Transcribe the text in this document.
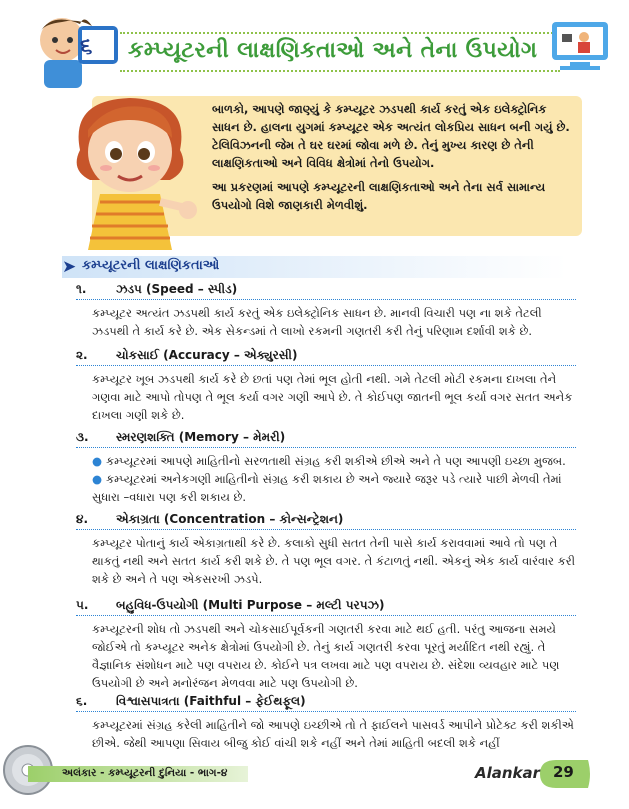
૬ કમ્પ્યૂટરની લાક્ષણિકતાઓ અને તેના ઉપયોગ

બાળકો, આપણે જાણ્યું કે કમ્પ્યૂટર ઝડપથી કાર્ય કરતું એક ઇલેક્ટ્રોનિક સાધન છે. હાલના યુગમાં કમ્પ્યૂટર એક અત્યંત લોકપ્રિય સાધન બની ગયું છે. ટેલિવિઝનની જેમ તે ઘર ઘરમાં જોવા મળે છે. તેનું મુખ્ય કારણ છે તેની લાક્ષણિકતાઓ અને વિવિધ ક્ષેત્રોમાં તેનો ઉપયોગ.

આ પ્રકરણમાં આપણે કમ્પ્યૂટરની લાક્ષણિકતાઓ અને તેના સર્વ સામાન્ય ઉપયોગો વિશે જાણકારી મેળવીશું.

➤ કમ્પ્યૂટરની લાક્ષણિકતાઓ
૧. ઝડપ (Speed – સ્પીડ)
કમ્પ્યૂટર અત્યંત ઝડપથી કાર્ય કરતું એક ઇલેક્ટ્રોનિક સાધન છે. માનવી વિચારી પણ ના શકે તેટલી ઝડપથી તે કાર્ય કરે છે. એક સેકન્ડમાં તે લાખો રકમની ગણતરી કરી તેનું પરિણામ દર્શાવી શકે છે.
૨. ચોકસાઈ (Accuracy – એક્યુરસી)
કમ્પ્યૂટર ખૂબ ઝડપથી કાર્ય કરે છે છતાં પણ તેમાં ભૂલ હોતી નથી. ગમે તેટલી મોટી રકમના દાખલા તેને ગણવા માટે આપો તોપણ તે ભૂલ કર્યા વગર ગણી આપે છે. તે કોઈપણ જાતની ભૂલ કર્યા વગર સતત અનેક દાખલા ગણી શકે છે.
૩. સ્મરણશક્તિ (Memory – મેમરી)
● કમ્પ્યૂટરમાં આપણે માહિતીનો સરળતાથી સંગ્રહ કરી શકીએ છીએ અને તે પણ આપણી ઇચ્છા મુજબ.
● કમ્પ્યૂટરમાં અનેકગણી માહિતીનો સંગ્રહ કરી શકાય છે અને જ્યારે જરૂર પડે ત્યારે પાછી મેળવી તેમાં સુધારા –વધારા પણ કરી શકાય છે.
૪. એકાગ્રતા (Concentration – કોન્સન્ટ્રેશન)
કમ્પ્યૂટર પોતાનું કાર્ય એકાગ્રતાથી કરે છે. કલાકો સુધી સતત તેની પાસે કાર્ય કરાવવામાં આવે તો પણ તે થાકતું નથી અને સતત કાર્ય કરી શકે છે. તે પણ ભૂલ વગર. તે કંટાળતું નથી. એકનું એક કાર્ય વારંવાર કરી શકે છે અને તે પણ એકસરખી ઝડપે.
૫. બહુવિધ-ઉપયોગી (Multi Purpose – મલ્ટી પરપઝ)
કમ્પ્યૂટરની શોધ તો ઝડપથી અને ચોકસાઈપૂર્વકની ગણતરી કરવા માટે થઈ હતી. પરંતુ આજના સમયે જોઈએ તો કમ્પ્યૂટર અનેક ક્ષેત્રોમાં ઉપયોગી છે. તેનું કાર્ય ગણતરી કરવા પૂરતું મર્યાદિત નથી રહ્યું. તે વૈજ્ઞાનિક સંશોધન માટે પણ વપરાય છે. કોઈને પત્ર લખવા માટે પણ વપરાય છે. સંદેશા વ્યવહાર માટે પણ ઉપયોગી છે અને મનોરંજન મેળવવા માટે પણ ઉપયોગી છે.
૬. વિશ્વાસપાત્રતા (Faithful – ફેઈથફૂલ)
કમ્પ્યૂટરમાં સંગ્રહ કરેલી માહિતીને જો આપણે ઇચ્છીએ તો તે ફાઈલને પાસવર્ડ આપીને પ્રોટેક્ટ કરી શકીએ છીએ. જેથી આપણા સિવાય બીજુ કોઈ વાંચી શકે નહીં અને તેમાં માહિતી બદલી શકે નહીં
અલંકાર - કમ્પ્યૂટરની દુનિયા - ભાગ-૪	Alankar 29
